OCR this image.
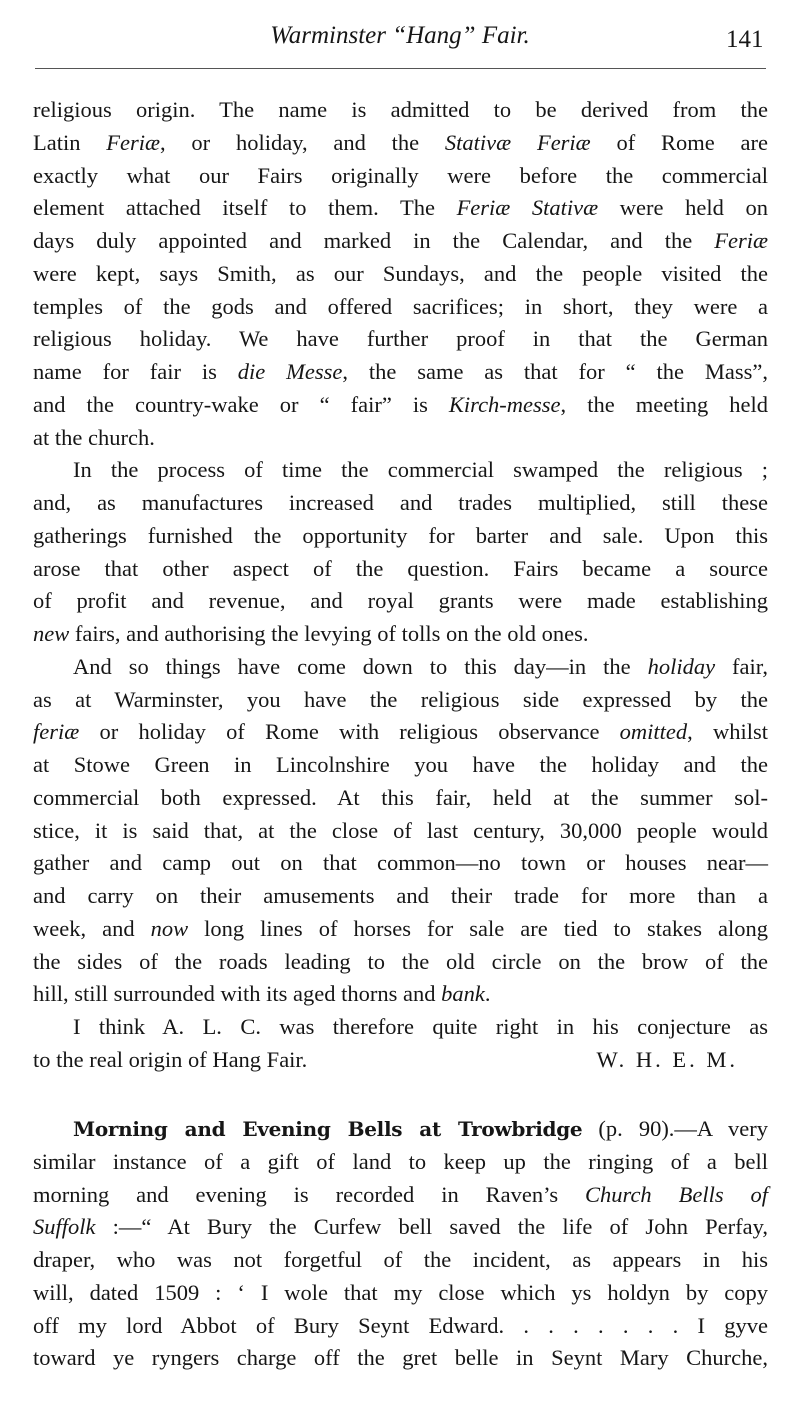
Warminster “Hang” Fair.	141
religious origin. The name is admitted to be derived from the
Latin Feriæ, or holiday, and the Stativæ Feriæ of Rome are
exactly what our Fairs originally were before the commercial
element attached itself to them. The Feriæ Stativæ were held on
days duly appointed and marked in the Calendar, and the Feriæ
were kept, says Smith, as our Sundays, and the people visited the
temples of the gods and offered sacrifices; in short, they were a
religious holiday. We have further proof in that the German
name for fair is die Messe, the same as that for “ the Mass”,
and the country-wake or “ fair” is Kirch-messe, the meeting held
at the church.
In the process of time the commercial swamped the religious ;
and, as manufactures increased and trades multiplied, still these
gatherings furnished the opportunity for barter and sale. Upon this
arose that other aspect of the question. Fairs became a source
of profit and revenue, and royal grants were made establishing
new fairs, and authorising the levying of tolls on the old ones.
And so things have come down to this day—in the holiday fair,
as at Warminster, you have the religious side expressed by the
feriæ or holiday of Rome with religious observance omitted, whilst
at Stowe Green in Lincolnshire you have the holiday and the
commercial both expressed. At this fair, held at the summer sol-
stice, it is said that, at the close of last century, 30,000 people would
gather and camp out on that common—no town or houses near—
and carry on their amusements and their trade for more than a
week, and now long lines of horses for sale are tied to stakes along
the sides of the roads leading to the old circle on the brow of the
hill, still surrounded with its aged thorns and bank.
I think A. L. C. was therefore quite right in his conjecture as
to the real origin of Hang Fair.	W. H. E. M.
Morning and Evening Bells at Trowbridge (p. 90).—A very
similar instance of a gift of land to keep up the ringing of a bell
morning and evening is recorded in Raven’s Church Bells of
Suffolk :—“ At Bury the Curfew bell saved the life of John Perfay,
draper, who was not forgetful of the incident, as appears in his
will, dated 1509 : ‘ I wole that my close which ys holdyn by copy
off my lord Abbot of Bury Seynt Edward. . . . . . . . I gyve
toward ye ryngers charge off the gret belle in Seynt Mary Churche,
